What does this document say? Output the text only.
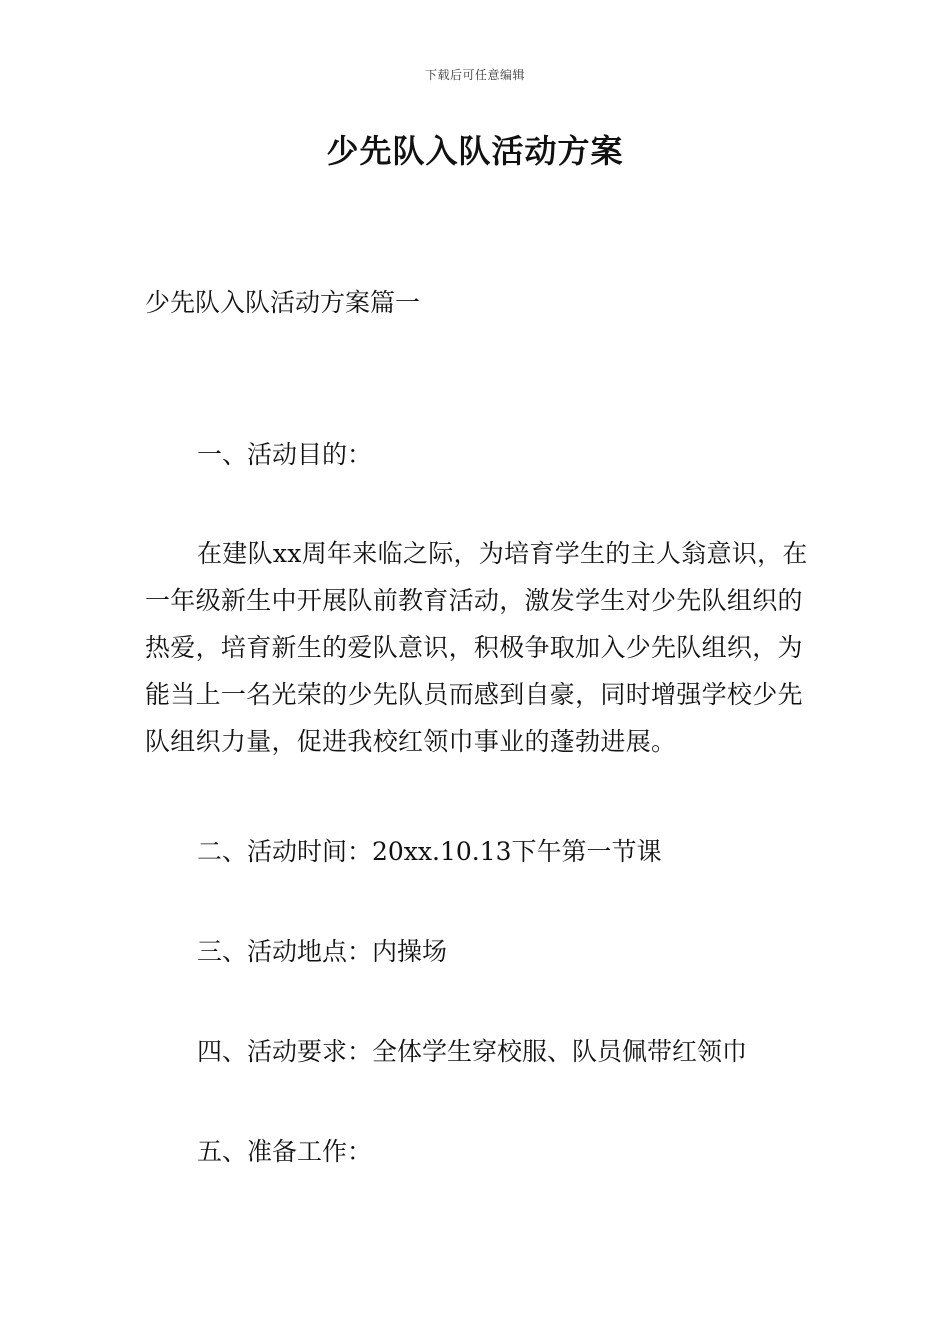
下载后可任意编辑
少先队入队活动方案
少先队入队活动方案篇一
一、活动目的：
在建队xx周年来临之际，为培育学生的主人翁意识，在一年级新生中开展队前教育活动，激发学生对少先队组织的热爱，培育新生的爱队意识，积极争取加入少先队组织，为能当上一名光荣的少先队员而感到自豪，同时增强学校少先队组织力量，促进我校红领巾事业的蓬勃进展。
二、活动时间：20xx.10.13下午第一节课
三、活动地点：内操场
四、活动要求：全体学生穿校服、队员佩带红领巾
五、准备工作：
